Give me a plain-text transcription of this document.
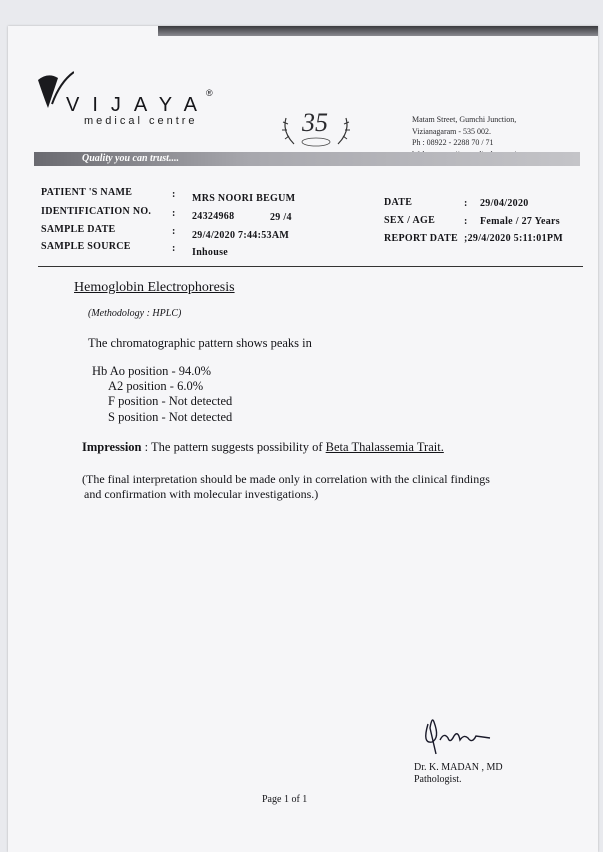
VIJAYA
®
medical centre	35	Matam Street, Gumchi Junction,
Vizianagaram - 535 002.
Ph : 08922 - 2288 70 / 71
Quality you can trust....
PATIENT 'S NAME	: MRS NOORI BEGUM
IDENTIFICATION NO. : 24324968	29 /4
SAMPLE DATE	: 29/4/2020 7:44:53AM
SAMPLE SOURCE	: Inhouse
DATE	: 29/04/2020
SEX / AGE	: Female / 27 Years
REPORT DATE ;29/4/2020 5:11:01PM
Hemoglobin Electrophoresis
(Methodology : HPLC)
The chromatographic pattern shows peaks in
Hb Ao position - 94.0%
A2 position - 6.0%
F position - Not detected
S position - Not detected
Impression : The pattern suggests possibility of Beta Thalassemia Trait.
(The final interpretation should be made only in correlation with the clinical findings
and confirmation with molecular investigations.)
Dr. K. MADAN , MD
Pathologist.
Page 1 of 1
